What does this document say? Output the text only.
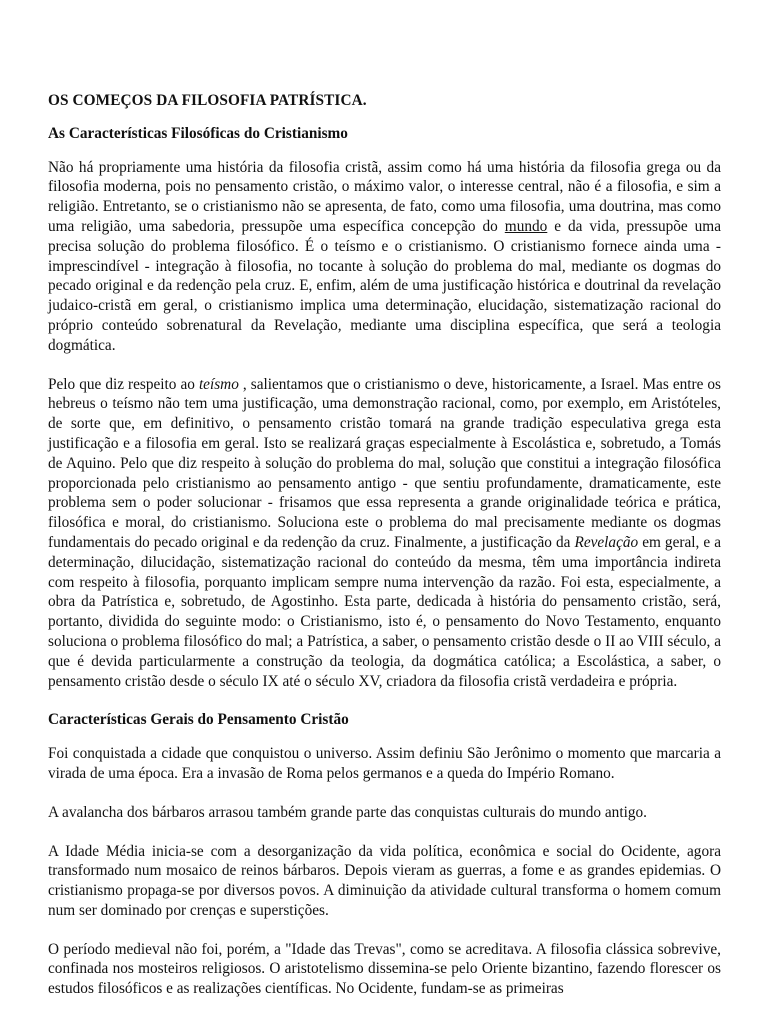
OS COMEÇOS DA FILOSOFIA PATRÍSTICA.
As Características Filosóficas do Cristianismo

Não há propriamente uma história da filosofia cristã, assim como há uma história da filosofia grega ou da filosofia moderna, pois no pensamento cristão, o máximo valor, o interesse central, não é a filosofia, e sim a religião. Entretanto, se o cristianismo não se apresenta, de fato, como uma filosofia, uma doutrina, mas como uma religião, uma sabedoria, pressupõe uma específica concepção do mundo e da vida, pressupõe uma precisa solução do problema filosófico. É o teísmo e o cristianismo. O cristianismo fornece ainda uma - imprescindível - integração à filosofia, no tocante à solução do problema do mal, mediante os dogmas do pecado original e da redenção pela cruz. E, enfim, além de uma justificação histórica e doutrinal da revelação judaico-cristã em geral, o cristianismo implica uma determinação, elucidação, sistematização racional do próprio conteúdo sobrenatural da Revelação, mediante uma disciplina específica, que será a teologia dogmática.

Pelo que diz respeito ao teísmo , salientamos que o cristianismo o deve, historicamente, a Israel. Mas entre os hebreus o teísmo não tem uma justificação, uma demonstração racional, como, por exemplo, em Aristóteles, de sorte que, em definitivo, o pensamento cristão tomará na grande tradição especulativa grega esta justificação e a filosofia em geral. Isto se realizará graças especialmente à Escolástica e, sobretudo, a Tomás de Aquino. Pelo que diz respeito à solução do problema do mal, solução que constitui a integração filosófica proporcionada pelo cristianismo ao pensamento antigo - que sentiu profundamente, dramaticamente, este problema sem o poder solucionar - frisamos que essa representa a grande originalidade teórica e prática, filosófica e moral, do cristianismo. Soluciona este o problema do mal precisamente mediante os dogmas fundamentais do pecado original e da redenção da cruz. Finalmente, a justificação da Revelação em geral, e a determinação, dilucidação, sistematização racional do conteúdo da mesma, têm uma importância indireta com respeito à filosofia, porquanto implicam sempre numa intervenção da razão. Foi esta, especialmente, a obra da Patrística e, sobretudo, de Agostinho. Esta parte, dedicada à história do pensamento cristão, será, portanto, dividida do seguinte modo: o Cristianismo, isto é, o pensamento do Novo Testamento, enquanto soluciona o problema filosófico do mal; a Patrística, a saber, o pensamento cristão desde o II ao VIII século, a que é devida particularmente a construção da teologia, da dogmática católica; a Escolástica, a saber, o pensamento cristão desde o século IX até o século XV, criadora da filosofia cristã verdadeira e própria.

Características Gerais do Pensamento Cristão

Foi conquistada a cidade que conquistou o universo. Assim definiu São Jerônimo o momento que marcaria a virada de uma época. Era a invasão de Roma pelos germanos e a queda do Império Romano.

A avalancha dos bárbaros arrasou também grande parte das conquistas culturais do mundo antigo.

A Idade Média inicia-se com a desorganização da vida política, econômica e social do Ocidente, agora transformado num mosaico de reinos bárbaros. Depois vieram as guerras, a fome e as grandes epidemias. O cristianismo propaga-se por diversos povos. A diminuição da atividade cultural transforma o homem comum num ser dominado por crenças e superstições.

O período medieval não foi, porém, a "Idade das Trevas", como se acreditava. A filosofia clássica sobrevive, confinada nos mosteiros religiosos. O aristotelismo dissemina-se pelo Oriente bizantino, fazendo florescer os estudos filosóficos e as realizações científicas. No Ocidente, fundam-se as primeiras
